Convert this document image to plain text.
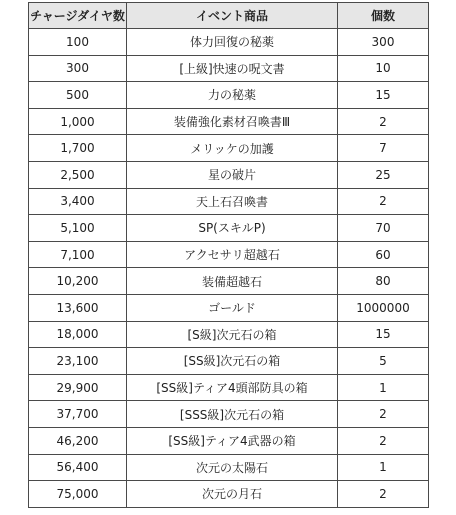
チャージダイヤ数	イベント商品	個数
100	体力回復の秘薬	300
300	[上級]快速の呪文書	10
500	力の秘薬	15
1,000	装備強化素材召喚書Ⅲ	2
1,700	メリッケの加護	7
2,500	星の破片	25
3,400	天上石召喚書	2
5,100	SP(スキルP)	70
7,100	アクセサリ超越石	60
10,200	装備超越石	80
13,600	ゴールド	1000000
18,000	[S級]次元石の箱	15
23,100	[SS級]次元石の箱	5
29,900	[SS級]ティア4頭部防具の箱	1
37,700	[SSS級]次元石の箱	2
46,200	[SS級]ティア4武器の箱	2
56,400	次元の太陽石	1
75,000	次元の月石	2
